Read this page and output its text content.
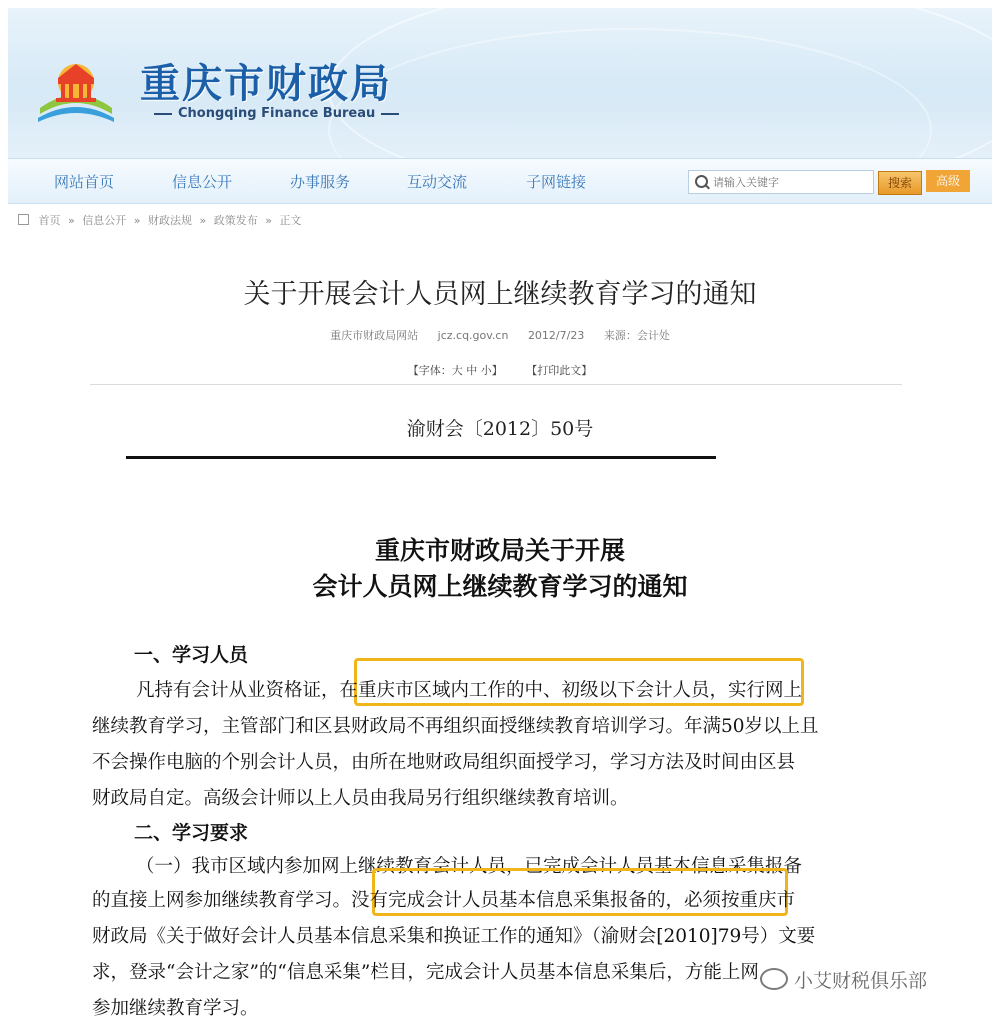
重庆市财政局
Chongqing Finance Bureau
网站首页	信息公开	办事服务	互动交流	子网链接
请输入关键字	搜索	高级
首页 » 信息公开 » 财政法规 » 政策发布 » 正文
关于开展会计人员网上继续教育学习的通知
重庆市财政局网站 jcz.cq.gov.cn 2012/7/23 来源：会计处
【字体：大 中 小】 【打印此文】
渝财会〔2012〕50号
重庆市财政局关于开展
会计人员网上继续教育学习的通知
一、学习人员
凡持有会计从业资格证，在重庆市区域内工作的中、初级以下会计人员，实行网上
继续教育学习，主管部门和区县财政局不再组织面授继续教育培训学习。年满50岁以上且
不会操作电脑的个别会计人员，由所在地财政局组织面授学习，学习方法及时间由区县
财政局自定。高级会计师以上人员由我局另行组织继续教育培训。
二、学习要求
（一）我市区域内参加网上继续教育会计人员，已完成会计人员基本信息采集报备
的直接上网参加继续教育学习。没有完成会计人员基本信息采集报备的，必须按重庆市
财政局《关于做好会计人员基本信息采集和换证工作的通知》（渝财会[2010]79号）文要
求，登录“会计之家”的“信息采集”栏目，完成会计人员基本信息采集后，方能上网
参加继续教育学习。
小艾财税俱乐部
